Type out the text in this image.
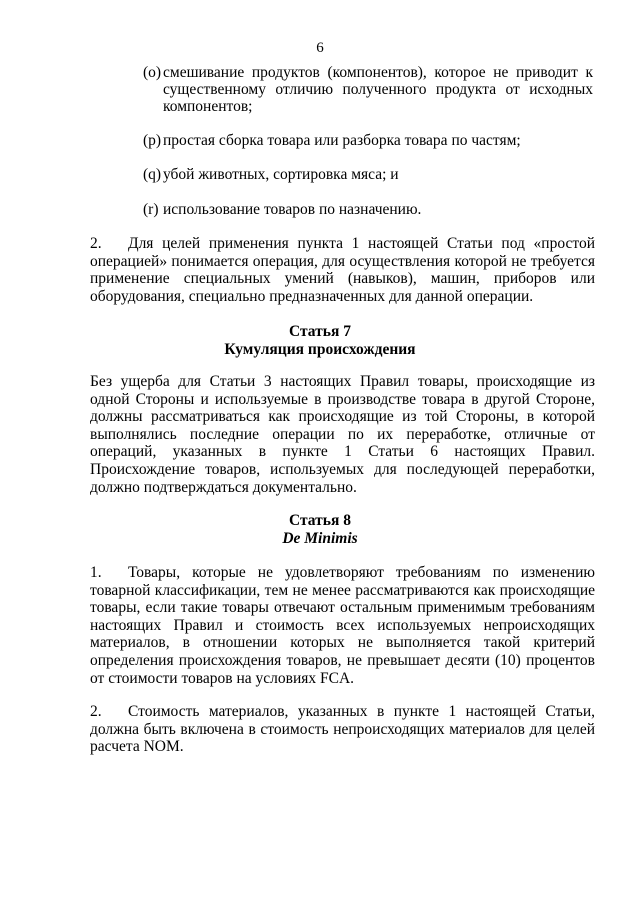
6
(o) смешивание продуктов (компонентов), которое не приводит к существенному отличию полученного продукта от исходных компонентов;
(p) простая сборка товара или разборка товара по частям;
(q) убой животных, сортировка мяса; и
(r) использование товаров по назначению.
2. Для целей применения пункта 1 настоящей Статьи под «простой операцией» понимается операция, для осуществления которой не требуется применение специальных умений (навыков), машин, приборов или оборудования, специально предназначенных для данной операции.
Статья 7
Кумуляция происхождения
Без ущерба для Статьи 3 настоящих Правил товары, происходящие из одной Стороны и используемые в производстве товара в другой Стороне, должны рассматриваться как происходящие из той Стороны, в которой выполнялись последние операции по их переработке, отличные от операций, указанных в пункте 1 Статьи 6 настоящих Правил. Происхождение товаров, используемых для последующей переработки, должно подтверждаться документально.
Статья 8
De Minimis
1. Товары, которые не удовлетворяют требованиям по изменению товарной классификации, тем не менее рассматриваются как происходящие товары, если такие товары отвечают остальным применимым требованиям настоящих Правил и стоимость всех используемых непроисходящих материалов, в отношении которых не выполняется такой критерий определения происхождения товаров, не превышает десяти (10) процентов от стоимости товаров на условиях FCA.
2. Стоимость материалов, указанных в пункте 1 настоящей Статьи, должна быть включена в стоимость непроисходящих материалов для целей расчета NOM.
